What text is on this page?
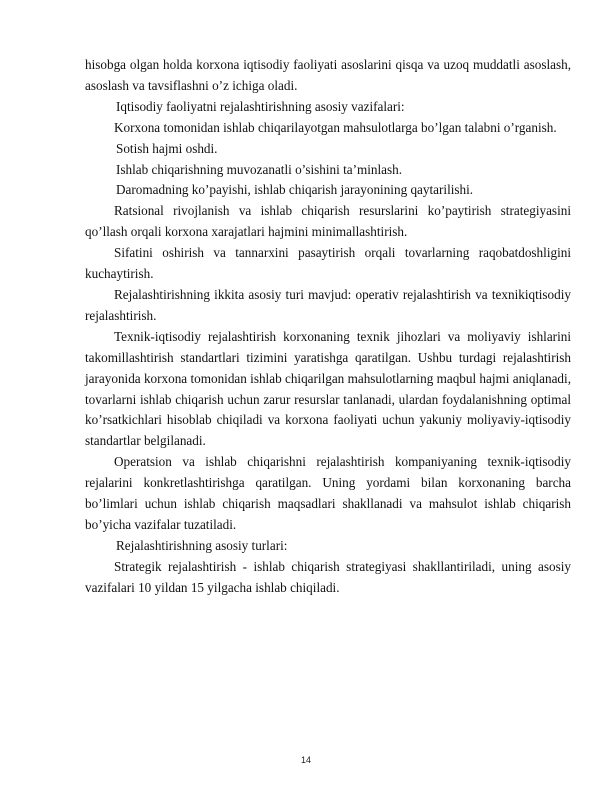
hisobga olgan holda korxona iqtisodiy faoliyati asoslarini qisqa va uzoq muddatli asoslash, asoslash va tavsiflashni o’z ichiga oladi.

Iqtisodiy faoliyatni rejalashtirishning asosiy vazifalari:

Korxona tomonidan ishlab chiqarilayotgan mahsulotlarga bo’lgan talabni o’rganish.

Sotish hajmi oshdi.

Ishlab chiqarishning muvozanatli o’sishini ta’minlash.

Daromadning ko’payishi, ishlab chiqarish jarayonining qaytarilishi.

Ratsional rivojlanish va ishlab chiqarish resurslarini ko’paytirish strategiyasini qo’llash orqali korxona xarajatlari hajmini minimallashtirish.

Sifatini oshirish va tannarxini pasaytirish orqali tovarlarning raqobatdoshligini kuchaytirish.

Rejalashtirishning ikkita asosiy turi mavjud: operativ rejalashtirish va texnikiqtisodiy rejalashtirish.

Texnik-iqtisodiy rejalashtirish korxonaning texnik jihozlari va moliyaviy ishlarini takomillashtirish standartlari tizimini yaratishga qaratilgan. Ushbu turdagi rejalashtirish jarayonida korxona tomonidan ishlab chiqarilgan mahsulotlarning maqbul hajmi aniqlanadi, tovarlarni ishlab chiqarish uchun zarur resurslar tanlanadi, ulardan foydalanishning optimal ko’rsatkichlari hisoblab chiqiladi va korxona faoliyati uchun yakuniy moliyaviy-iqtisodiy standartlar belgilanadi.

Operatsion va ishlab chiqarishni rejalashtirish kompaniyaning texnik-iqtisodiy rejalarini konkretlashtirishga qaratilgan. Uning yordami bilan korxonaning barcha bo’limlari uchun ishlab chiqarish maqsadlari shakllanadi va mahsulot ishlab chiqarish bo’yicha vazifalar tuzatiladi.

Rejalashtirishning asosiy turlari:

Strategik rejalashtirish - ishlab chiqarish strategiyasi shakllantiriladi, uning asosiy vazifalari 10 yildan 15 yilgacha ishlab chiqiladi.

14
